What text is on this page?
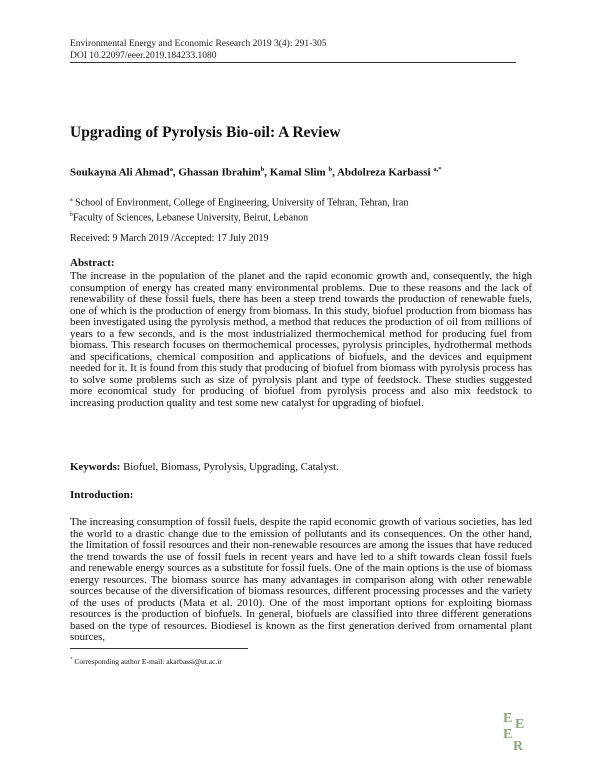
Environmental Energy and Economic Research 2019 3(4): 291-305
DOI 10.22097/eeer.2019.184233.1080
Upgrading of Pyrolysis Bio-oil: A Review
Soukayna Ali Ahmad$^a$, Ghassan Ibrahim$^b$, Kamal Slim $^b$, Abdolreza Karbassi $^{a,*}$
$^a$ School of Environment, College of Engineering, University of Tehran, Tehran, Iran
$^b$Faculty of Sciences, Lebanese University, Beirut, Lebanon
Received: 9 March 2019 /Accepted: 17 July 2019
Abstract:

The increase in the population of the planet and the rapid economic growth and, consequently, the high consumption of energy has created many environmental problems. Due to these reasons and the lack of renewability of these fossil fuels, there has been a steep trend towards the production of renewable fuels, one of which is the production of energy from biomass. In this study, biofuel production from biomass has been investigated using the pyrolysis method, a method that reduces the production of oil from millions of years to a few seconds, and is the most industrialized thermochemical method for producing fuel from biomass. This research focuses on thermochemical processes, pyrolysis principles, hydrothermal methods and specifications, chemical composition and applications of biofuels, and the devices and equipment needed for it. It is found from this study that producing of biofuel from biomass with pyrolysis process has to solve some problems such as size of pyrolysis plant and type of feedstock. These studies suggested more economical study for producing of biofuel from pyrolysis process and also mix feedstock to increasing production quality and test some new catalyst for upgrading of biofuel.

Keywords: Biofuel, Biomass, Pyrolysis, Upgrading, Catalyst.
Introduction:

The increasing consumption of fossil fuels, despite the rapid economic growth of various societies, has led the world to a drastic change due to the emission of pollutants and its consequences. On the other hand, the limitation of fossil resources and their non-renewable resources are among the issues that have reduced the trend towards the use of fossil fuels in recent years and have led to a shift towards clean fossil fuels and renewable energy sources as a substitute for fossil fuels. One of the main options is the use of biomass energy resources. The biomass source has many advantages in comparison along with other renewable sources because of the diversification of biomass resources, different processing processes and the variety of the uses of products (Mata et al. 2010). One of the most important options for exploiting biomass resources is the production of biofuels. In general, biofuels are classified into three different generations based on the type of resources. Biodiesel is known as the first generation derived from ornamental plant sources,

* Corresponding author E-mail: akarbassi@ut.ac.ir
E E
E
R
